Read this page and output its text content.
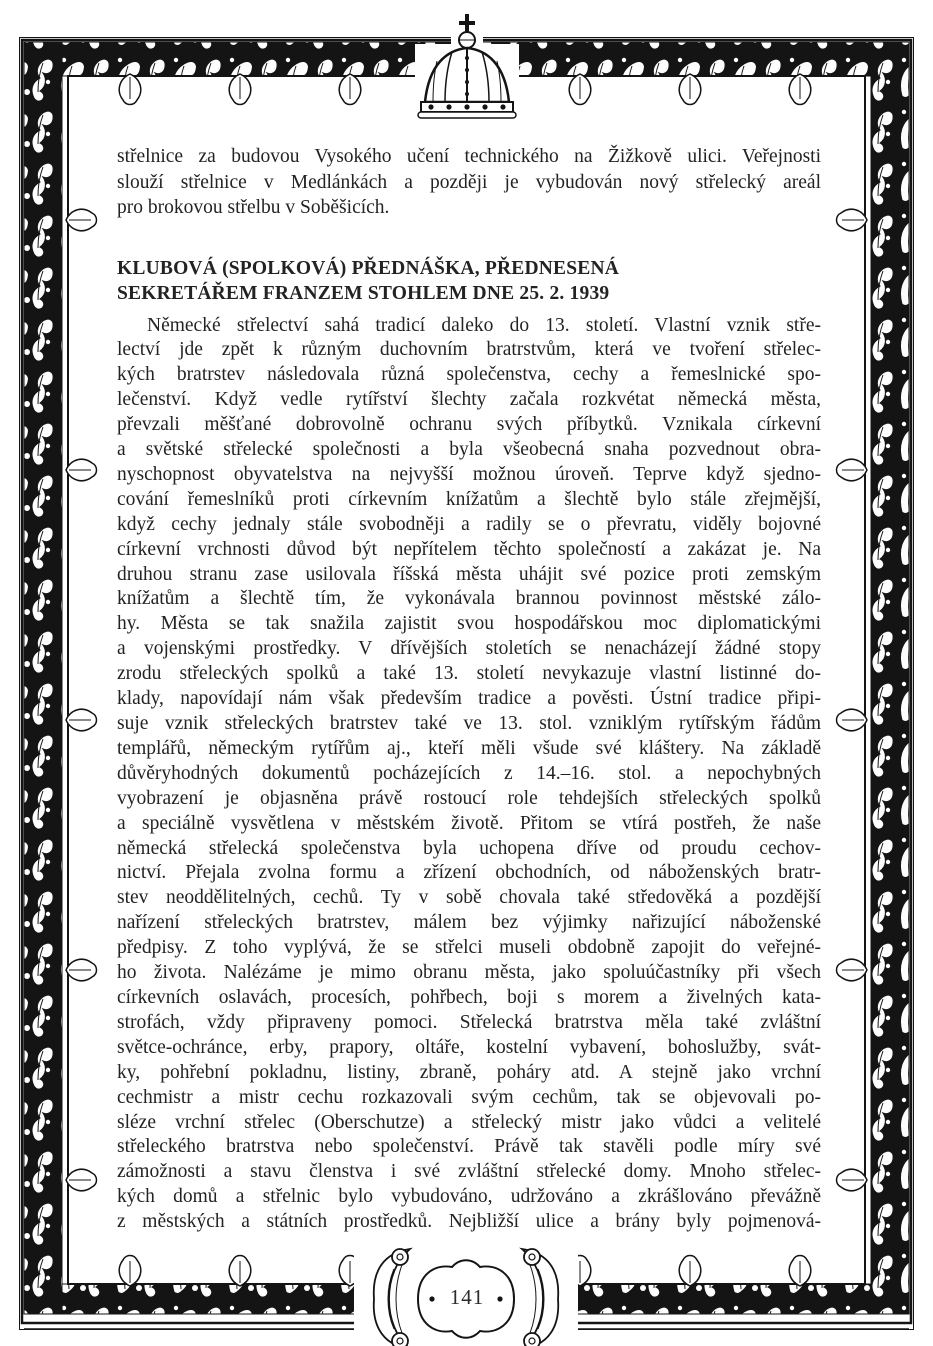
střelnice za budovou Vysokého učení technického na Žižkově ulici. Veřejnosti
slouží střelnice v Medlánkách a později je vybudován nový střelecký areál
pro brokovou střelbu v Soběšicích.
KLUBOVÁ (SPOLKOVÁ) PŘEDNÁŠKA, PŘEDNESENÁ
SEKRETÁŘEM FRANZEM STOHLEM DNE 25. 2. 1939
Německé střelectví sahá tradicí daleko do 13. století. Vlastní vznik stře-
lectví jde zpět k různým duchovním bratrstvům, která ve tvoření střelec-
kých bratrstev následovala různá společenstva, cechy a řemeslnické spo-
lečenství. Když vedle rytířství šlechty začala rozkvétat německá města,
převzali měšťané dobrovolně ochranu svých příbytků. Vznikala církevní
a světské střelecké společnosti a byla všeobecná snaha pozvednout obra-
nyschopnost obyvatelstva na nejvyšší možnou úroveň. Teprve když sjedno-
cování řemeslníků proti církevním knížatům a šlechtě bylo stále zřejmější,
když cechy jednaly stále svobodněji a radily se o převratu, viděly bojovné
církevní vrchnosti důvod být nepřítelem těchto společností a zakázat je. Na
druhou stranu zase usilovala říšská města uhájit své pozice proti zemským
knížatům a šlechtě tím, že vykonávala brannou povinnost městské zálo-
hy. Města se tak snažila zajistit svou hospodářskou moc diplomatickými
a vojenskými prostředky. V dřívějších stoletích se nenacházejí žádné stopy
zrodu střeleckých spolků a také 13. století nevykazuje vlastní listinné do-
klady, napovídají nám však především tradice a pověsti. Ústní tradice připi-
suje vznik střeleckých bratrstev také ve 13. stol. vzniklým rytířským řádům
templářů, německým rytířům aj., kteří měli všude své kláštery. Na základě
důvěryhodných dokumentů pocházejících z 14.–16. stol. a nepochybných
vyobrazení je objasněna právě rostoucí role tehdejších střeleckých spolků
a speciálně vysvětlena v městském životě. Přitom se vtírá postřeh, že naše
německá střelecká společenstva byla uchopena dříve od proudu cechov-
nictví. Přejala zvolna formu a zřízení obchodních, od náboženských bratr-
stev neoddělitelných, cechů. Ty v sobě chovala také středověká a pozdější
nařízení střeleckých bratrstev, málem bez výjimky nařizující náboženské
předpisy. Z toho vyplývá, že se střelci museli obdobně zapojit do veřejné-
ho života. Nalézáme je mimo obranu města, jako spoluúčastníky při všech
církevních oslavách, procesích, pohřbech, boji s morem a živelných kata-
strofách, vždy připraveny pomoci. Střelecká bratrstva měla také zvláštní
světce-ochránce, erby, prapory, oltáře, kostelní vybavení, bohoslužby, svát-
ky, pohřební pokladnu, listiny, zbraně, poháry atd. A stejně jako vrchní
cechmistr a mistr cechu rozkazovali svým cechům, tak se objevovali po-
sléze vrchní střelec (Oberschutze) a střelecký mistr jako vůdci a velitelé
střeleckého bratrstva nebo společenství. Právě tak stavěli podle míry své
zámožnosti a stavu členstva i své zvláštní střelecké domy. Mnoho střelec-
kých domů a střelnic bylo vybudováno, udržováno a zkrášlováno převážně
z městských a státních prostředků. Nejbližší ulice a brány byly pojmenová-
141
